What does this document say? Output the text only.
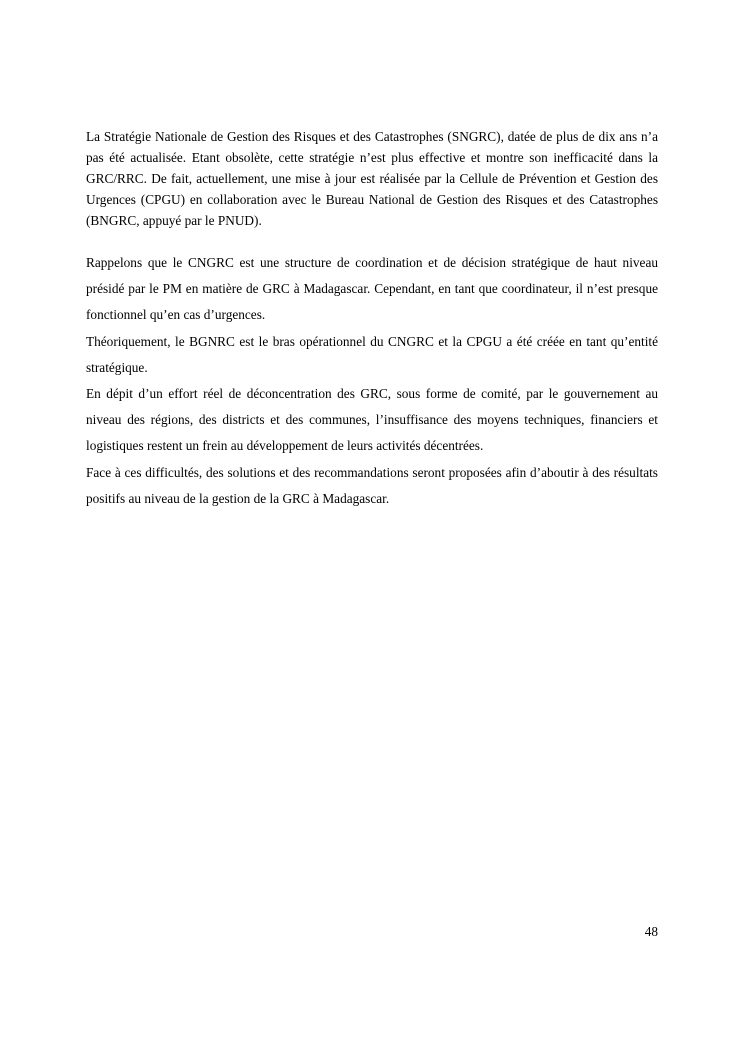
La Stratégie Nationale de Gestion des Risques et des Catastrophes (SNGRC), datée de plus de dix ans n’a pas été actualisée. Etant obsolète, cette stratégie n’est plus effective et montre son inefficacité dans la GRC/RRC. De fait, actuellement, une mise à jour est réalisée par la Cellule de Prévention et Gestion des Urgences (CPGU) en collaboration avec le Bureau National de Gestion des Risques et des Catastrophes (BNGRC, appuyé par le PNUD).

Rappelons que le CNGRC est une structure de coordination et de décision stratégique de haut niveau présidé par le PM en matière de GRC à Madagascar. Cependant, en tant que coordinateur, il n’est presque fonctionnel qu’en cas d’urgences.

Théoriquement, le BGNRC est le bras opérationnel du CNGRC et la CPGU a été créée en tant qu’entité stratégique.

En dépit d’un effort réel de déconcentration des GRC, sous forme de comité, par le gouvernement au niveau des régions, des districts et des communes, l’insuffisance des moyens techniques, financiers et logistiques restent un frein au développement de leurs activités décentrées.

Face à ces difficultés, des solutions et des recommandations seront proposées afin d’aboutir à des résultats positifs au niveau de la gestion de la GRC à Madagascar.

48
